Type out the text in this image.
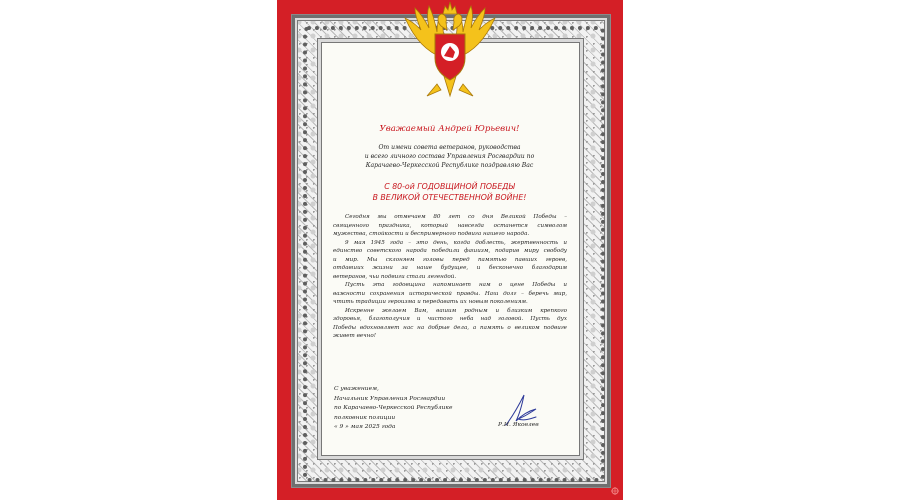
Уважаемый Андрей Юрьевич!

От имени совета ветеранов, руководства
и всего личного состава Управления Росгвардии по
Карачаево-Черкесской Республике поздравляю Вас
С 80-ой ГОДОВЩИНОЙ ПОБЕДЫ
В ВЕЛИКОЙ ОТЕЧЕСТВЕННОЙ ВОЙНЕ!
Сегодня мы отмечаем 80 лет со дня Великой Победы –
священного праздника, который навсегда останется символом
мужества, стойкости и беспримерного подвига нашего народа.
9 мая 1945 года – это день, когда доблесть, жертвенность и
единство советского народа победили фашизм, подарив миру свободу
и мир. Мы склоняем головы перед памятью павших героев,
отдавших жизни за наше будущее, и бесконечно благодарим
ветеранов, чьи подвиги стали легендой.
Пусть эта годовщина напоминает нам о цене Победы и
важности сохранения исторической правды. Наш долг – беречь мир,
чтить традиции героизма и передавать их новым поколениям.
Искренне желаем Вам, вашим родным и близким крепкого
здоровья, благополучия и чистого неба над головой. Пусть дух
Победы вдохновляет нас на добрые дела, а память о великом подвиге
живет вечно!
С уважением,
Начальник Управления Росгвардии
по Карачаево-Черкесской Республике
полковник полиции
« 9 » мая 2025 года	Р.И. Яковлев
